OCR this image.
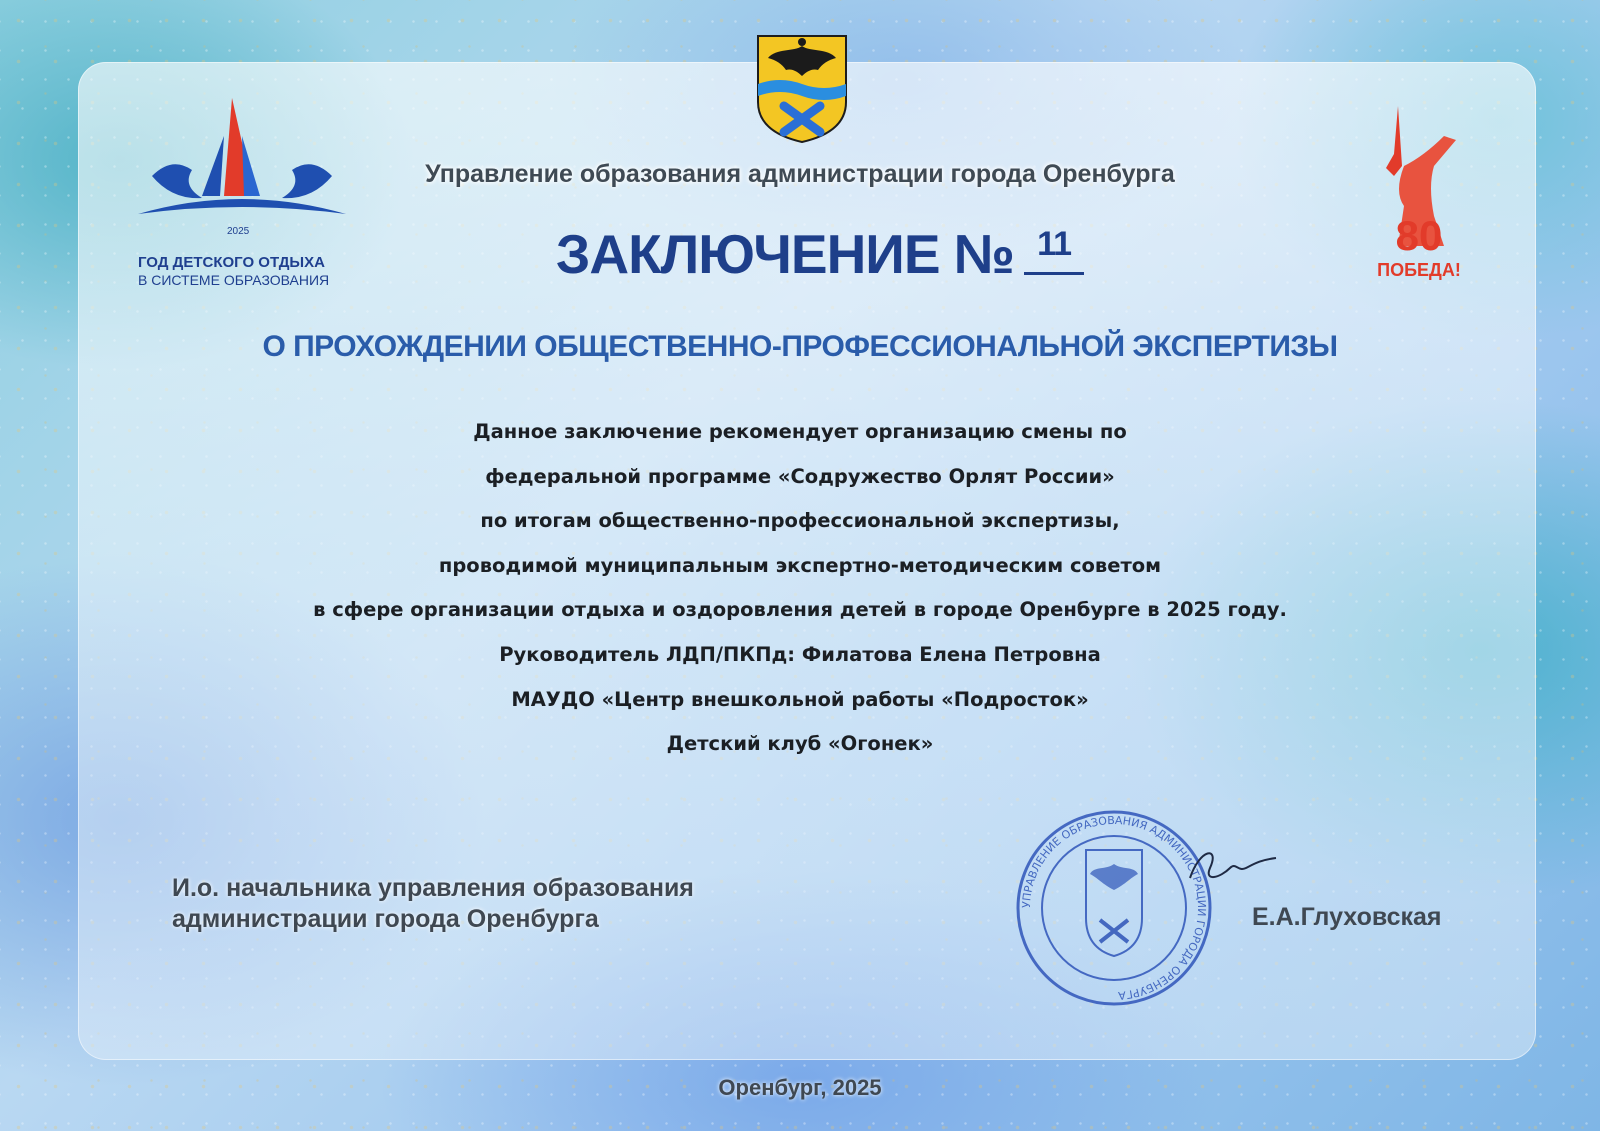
2025
ГОД ДЕТСКОГО ОТДЫХА
В СИСТЕМЕ ОБРАЗОВАНИЯ
80
ПОБЕДА!
Управление образования администрации города Оренбурга
ЗАКЛЮЧЕНИЕ № 11
О ПРОХОЖДЕНИИ ОБЩЕСТВЕННО-ПРОФЕССИОНАЛЬНОЙ ЭКСПЕРТИЗЫ
Данное заключение рекомендует организацию смены по
федеральной программе «Содружество Орлят России»
по итогам общественно-профессиональной экспертизы,
проводимой муниципальным экспертно-методическим советом
в сфере организации отдыха и оздоровления детей в городе Оренбурге в 2025 году.
Руководитель ЛДП/ПКПд: Филатова Елена Петровна
МАУДО «Центр внешкольной работы «Подросток»
Детский клуб «Огонек»
И.о. начальника управления образования
администрации города Оренбурга
УПРАВЛЕНИЕ ОБРАЗОВАНИЯ АДМИНИСТРАЦИИ ГОРОДА ОРЕНБУРГА
Е.А.Глуховская
Оренбург, 2025
